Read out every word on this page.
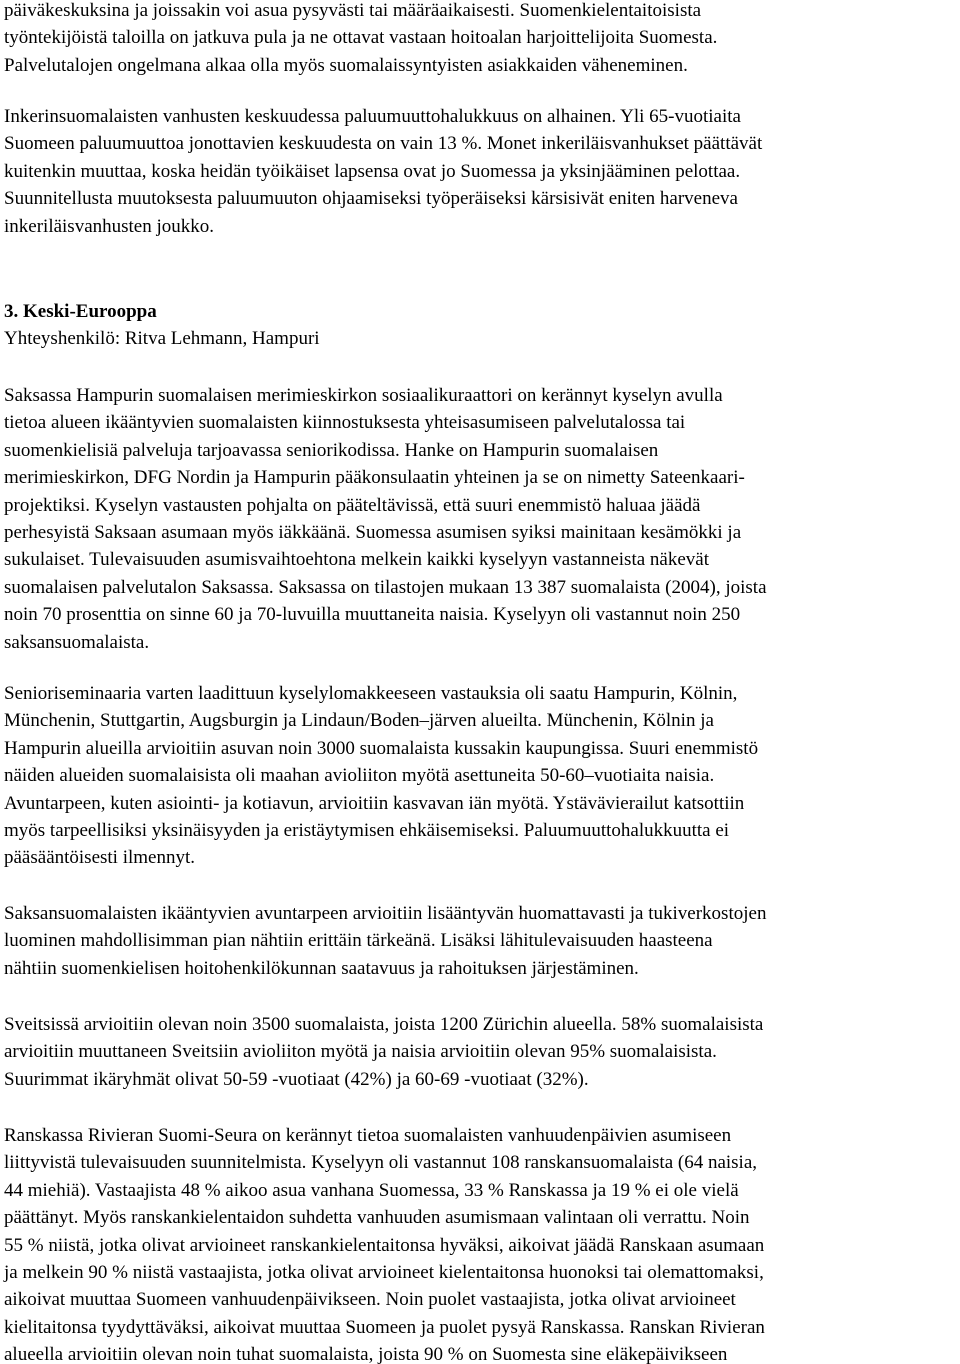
päiväkeskuksina ja joissakin voi asua pysyvästi tai määräaikaisesti. Suomenkielentaitoisista
työntekijöistä taloilla on jatkuva pula ja ne ottavat vastaan hoitoalan harjoittelijoita Suomesta.
Palvelutalojen ongelmana alkaa olla myös suomalaissyntyisten asiakkaiden väheneminen.
Inkerinsuomalaisten vanhusten keskuudessa paluumuuttohalukkuus on alhainen. Yli 65-vuotiaita
Suomeen paluumuuttoa jonottavien keskuudesta on vain 13 %. Monet inkeriläisvanhukset päättävät
kuitenkin muuttaa, koska heidän työikäiset lapsensa ovat jo Suomessa ja yksinjääminen pelottaa.
Suunnitellusta muutoksesta paluumuuton ohjaamiseksi työperäiseksi kärsisivät eniten harveneva
inkeriläisvanhusten joukko.
3. Keski-Eurooppa
Yhteyshenkilö: Ritva Lehmann, Hampuri
Saksassa Hampurin suomalaisen merimieskirkon sosiaalikuraattori on kerännyt kyselyn avulla
tietoa alueen ikääntyvien suomalaisten kiinnostuksesta yhteisasumiseen palvelutalossa tai
suomenkielisiä palveluja tarjoavassa seniorikodissa. Hanke on Hampurin suomalaisen
merimieskirkon, DFG Nordin ja Hampurin pääkonsulaatin yhteinen ja se on nimetty Sateenkaari-
projektiksi. Kyselyn vastausten pohjalta on pääteltävissä, että suuri enemmistö haluaa jäädä
perhesyistä Saksaan asumaan myös iäkkäänä. Suomessa asumisen syiksi mainitaan kesämökki ja
sukulaiset. Tulevaisuuden asumisvaihtoehtona melkein kaikki kyselyyn vastanneista näkevät
suomalaisen palvelutalon Saksassa. Saksassa on tilastojen mukaan 13 387 suomalaista (2004), joista
noin 70 prosenttia on sinne 60 ja 70-luvuilla muuttaneita naisia. Kyselyyn oli vastannut noin 250
saksansuomalaista.
Senioriseminaaria varten laadittuun kyselylomakkeeseen vastauksia oli saatu Hampurin, Kölnin,
Münchenin, Stuttgartin, Augsburgin ja Lindaun/Boden–järven alueilta. Münchenin, Kölnin ja
Hampurin alueilla arvioitiin asuvan noin 3000 suomalaista kussakin kaupungissa. Suuri enemmistö
näiden alueiden suomalaisista oli maahan avioliiton myötä asettuneita 50-60–vuotiaita naisia.
Avuntarpeen, kuten asiointi- ja kotiavun, arvioitiin kasvavan iän myötä. Ystävävierailut katsottiin
myös tarpeellisiksi yksinäisyyden ja eristäytymisen ehkäisemiseksi. Paluumuuttohalukkuutta ei
pääsääntöisesti ilmennyt.
Saksansuomalaisten ikääntyvien avuntarpeen arvioitiin lisääntyvän huomattavasti ja tukiverkostojen
luominen mahdollisimman pian nähtiin erittäin tärkeänä. Lisäksi lähitulevaisuuden haasteena
nähtiin suomenkielisen hoitohenkilökunnan saatavuus ja rahoituksen järjestäminen.
Sveitsissä arvioitiin olevan noin 3500 suomalaista, joista 1200 Zürichin alueella. 58% suomalaisista
arvioitiin muuttaneen Sveitsiin avioliiton myötä ja naisia arvioitiin olevan 95% suomalaisista.
Suurimmat ikäryhmät olivat 50-59 -vuotiaat (42%) ja 60-69 -vuotiaat (32%).
Ranskassa Rivieran Suomi-Seura on kerännyt tietoa suomalaisten vanhuudenpäivien asumiseen
liittyvistä tulevaisuuden suunnitelmista. Kyselyyn oli vastannut 108 ranskansuomalaista (64 naisia,
44 miehiä). Vastaajista 48 % aikoo asua vanhana Suomessa, 33 % Ranskassa ja 19 % ei ole vielä
päättänyt. Myös ranskankielentaidon suhdetta vanhuuden asumismaan valintaan oli verrattu. Noin
55 % niistä, jotka olivat arvioineet ranskankielentaitonsa hyväksi, aikoivat jäädä Ranskaan asumaan
ja melkein 90 % niistä vastaajista, jotka olivat arvioineet kielentaitonsa huonoksi tai olemattomaksi,
aikoivat muuttaa Suomeen vanhuudenpäivikseen. Noin puolet vastaajista, jotka olivat arvioineet
kielitaitonsa tyydyttäväksi, aikoivat muuttaa Suomeen ja puolet pysyä Ranskassa. Ranskan Rivieran
alueella arvioitiin olevan noin tuhat suomalaista, joista 90 % on Suomesta sine eläkepäivikseen
